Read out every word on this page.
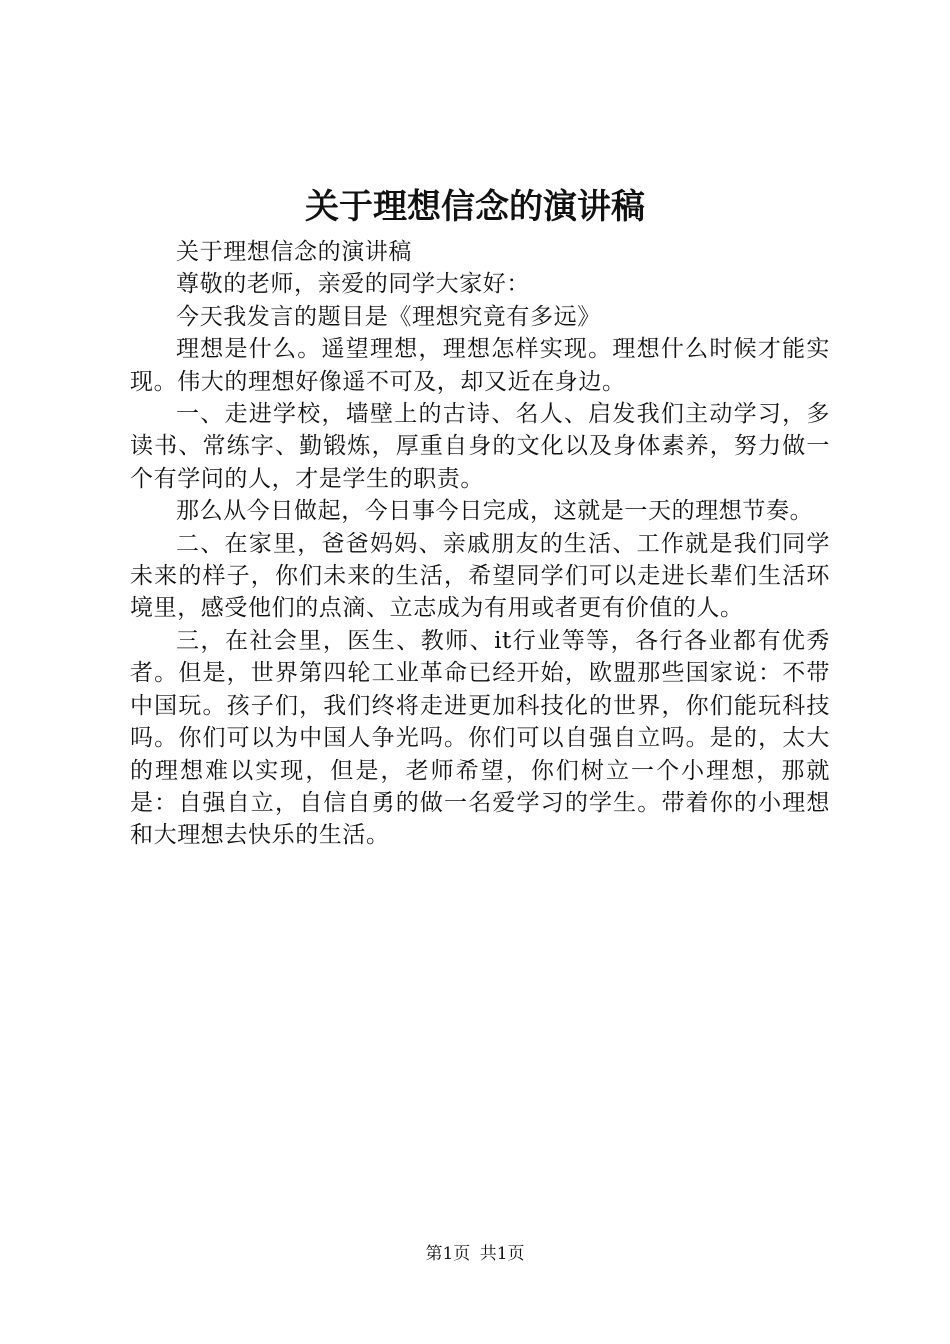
关于理想信念的演讲稿

关于理想信念的演讲稿

尊敬的老师，亲爱的同学大家好：

今天我发言的题目是《理想究竟有多远》

理想是什么。遥望理想，理想怎样实现。理想什么时候才能实现。伟大的理想好像遥不可及，却又近在身边。

一、走进学校，墙壁上的古诗、名人、启发我们主动学习，多读书、常练字、勤锻炼，厚重自身的文化以及身体素养，努力做一个有学问的人，才是学生的职责。

那么从今日做起，今日事今日完成，这就是一天的理想节奏。

二、在家里，爸爸妈妈、亲戚朋友的生活、工作就是我们同学未来的样子，你们未来的生活，希望同学们可以走进长辈们生活环境里，感受他们的点滴、立志成为有用或者更有价值的人。

三，在社会里，医生、教师、it行业等等，各行各业都有优秀者。但是，世界第四轮工业革命已经开始，欧盟那些国家说：不带中国玩。孩子们，我们终将走进更加科技化的世界，你们能玩科技吗。你们可以为中国人争光吗。你们可以自强自立吗。是的，太大的理想难以实现，但是，老师希望，你们树立一个小理想，那就是：自强自立，自信自勇的做一名爱学习的学生。带着你的小理想和大理想去快乐的生活。

第1页 共1页
